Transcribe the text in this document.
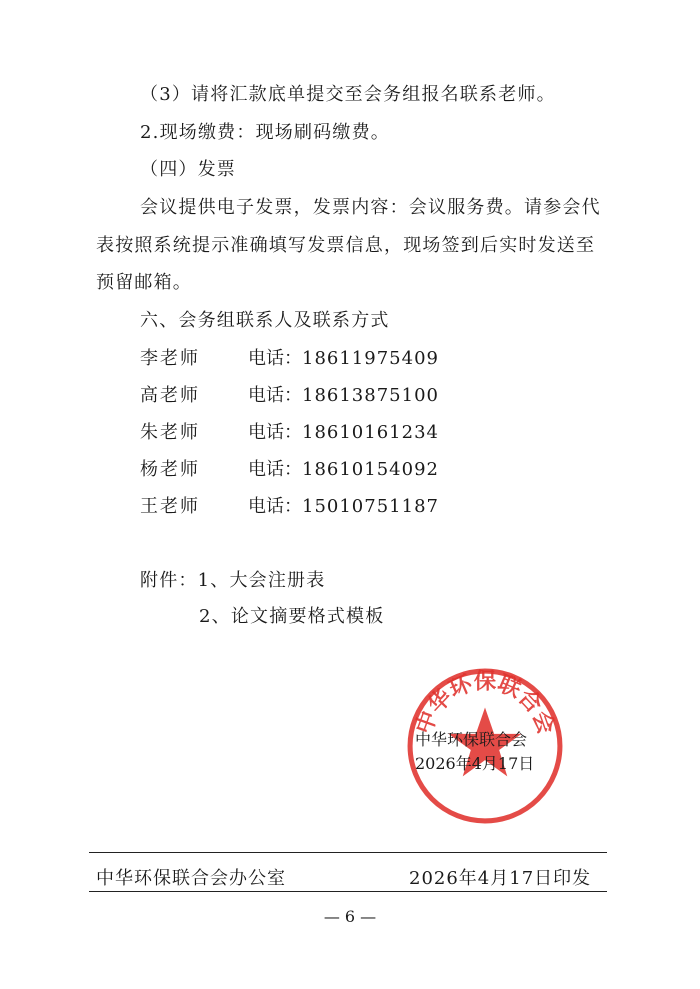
（3）请将汇款底单提交至会务组报名联系老师。
2.现场缴费：现场刷码缴费。
（四）发票
会议提供电子发票，发票内容：会议服务费。请参会代
表按照系统提示准确填写发票信息，现场签到后实时发送至
预留邮箱。
六、会务组联系人及联系方式
李老师	电话：18611975409
高老师	电话：18613875100
朱老师	电话：18610161234
杨老师	电话：18610154092
王老师	电话：15010751187
附件：1、大会注册表
2、论文摘要格式模板
中华环保联合会
中华环保联合会
2026年4月17日
中华环保联合会办公室	2026年4月17日印发
— 6 —
